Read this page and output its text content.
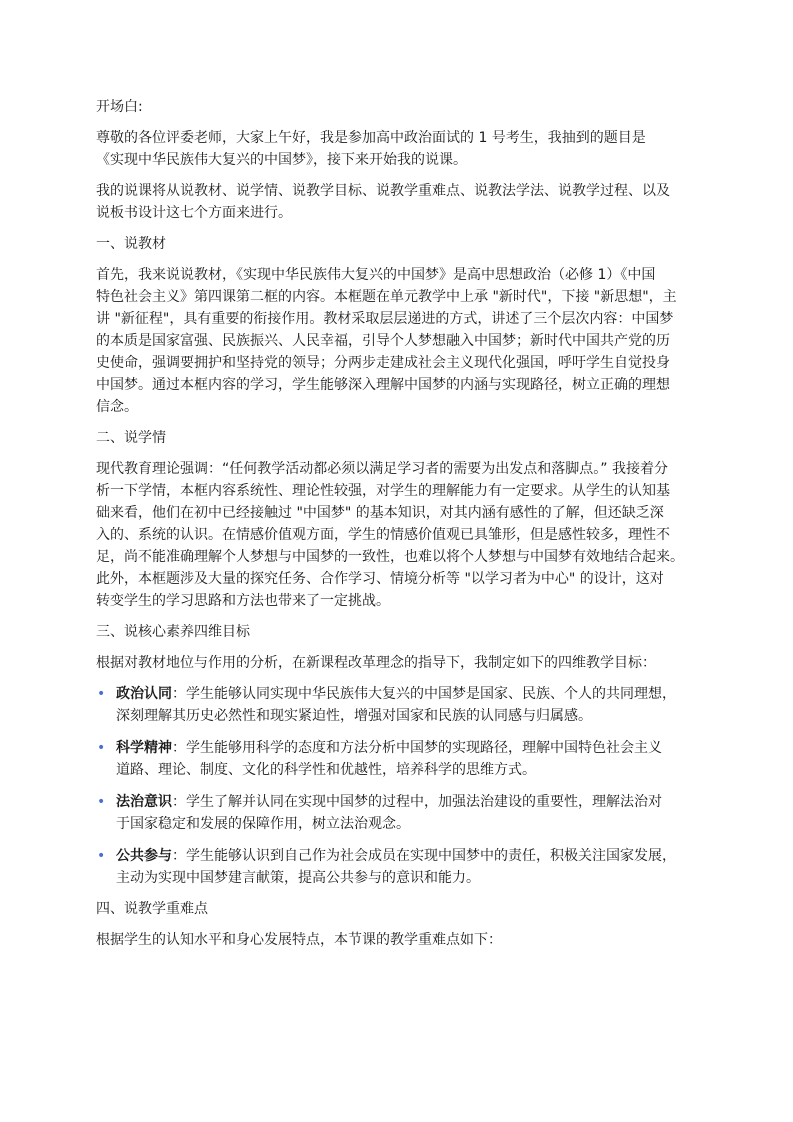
开场白:
尊敬的各位评委老师，大家上午好，我是参加高中政治面试的 1 号考生，我抽到的题目是
《实现中华民族伟大复兴的中国梦》，接下来开始我的说课。
我的说课将从说教材、说学情、说教学目标、说教学重难点、说教法学法、说教学过程、以及
说板书设计这七个方面来进行。
一、说教材
首先，我来说说教材，《实现中华民族伟大复兴的中国梦》是高中思想政治（必修 1）《中国
特色社会主义》第四课第二框的内容。本框题在单元教学中上承 "新时代"，下接 "新思想"，主
讲 "新征程"，具有重要的衔接作用。教材采取层层递进的方式，讲述了三个层次内容：中国梦
的本质是国家富强、民族振兴、人民幸福，引导个人梦想融入中国梦；新时代中国共产党的历
史使命，强调要拥护和坚持党的领导；分两步走建成社会主义现代化强国，呼吁学生自觉投身
中国梦。通过本框内容的学习，学生能够深入理解中国梦的内涵与实现路径，树立正确的理想
信念。
二、说学情
现代教育理论强调：“任何教学活动都必须以满足学习者的需要为出发点和落脚点。” 我接着分
析一下学情，本框内容系统性、理论性较强，对学生的理解能力有一定要求。从学生的认知基
础来看，他们在初中已经接触过 "中国梦" 的基本知识，对其内涵有感性的了解，但还缺乏深
入的、系统的认识。在情感价值观方面，学生的情感价值观已具雏形，但是感性较多，理性不
足，尚不能准确理解个人梦想与中国梦的一致性，也难以将个人梦想与中国梦有效地结合起来。
此外，本框题涉及大量的探究任务、合作学习、情境分析等 "以学习者为中心" 的设计，这对
转变学生的学习思路和方法也带来了一定挑战。
三、说核心素养四维目标
根据对教材地位与作用的分析，在新课程改革理念的指导下，我制定如下的四维教学目标：
• 政治认同：学生能够认同实现中华民族伟大复兴的中国梦是国家、民族、个人的共同理想，
深刻理解其历史必然性和现实紧迫性，增强对国家和民族的认同感与归属感。
• 科学精神：学生能够用科学的态度和方法分析中国梦的实现路径，理解中国特色社会主义
道路、理论、制度、文化的科学性和优越性，培养科学的思维方式。
• 法治意识：学生了解并认同在实现中国梦的过程中，加强法治建设的重要性，理解法治对
于国家稳定和发展的保障作用，树立法治观念。
• 公共参与：学生能够认识到自己作为社会成员在实现中国梦中的责任，积极关注国家发展，
主动为实现中国梦建言献策，提高公共参与的意识和能力。
四、说教学重难点
根据学生的认知水平和身心发展特点，本节课的教学重难点如下：
